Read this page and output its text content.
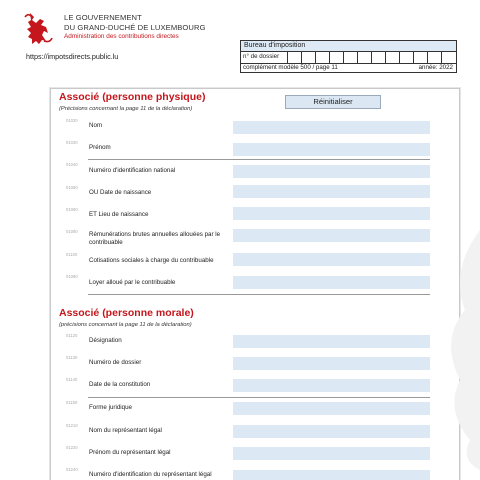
LE GOUVERNEMENT
DU GRAND-DUCHÉ DE LUXEMBOURG
Administration des contributions directes
https://impotsdirects.public.lu
Bureau d'imposition
n° de dossier
complément modèle 500 / page 11	année: 2022
Associé (personne physique)
(Précisions concernant la page 11 de la déclaration)
Réinitialiser
01020
Nom
01030
Prénom
01040
Numéro d'identification national
01050
OU Date de naissance
01060
ET Lieu de naissance
01090 Rémunérations brutes annuelles allouées par le contribuable
01100
Cotisations sociales à charge du contribuable
01080
Loyer alloué par le contribuable
Associé (personne morale)
(précisions concernant la page 11 de la déclaration)
01120
Désignation
01130
Numéro de dossier
01140
Date de la constitution
01150
Forme juridique
01210
Nom du représentant légal
01220
Prénom du représentant légal
01240
Numéro d'identification du représentant légal
